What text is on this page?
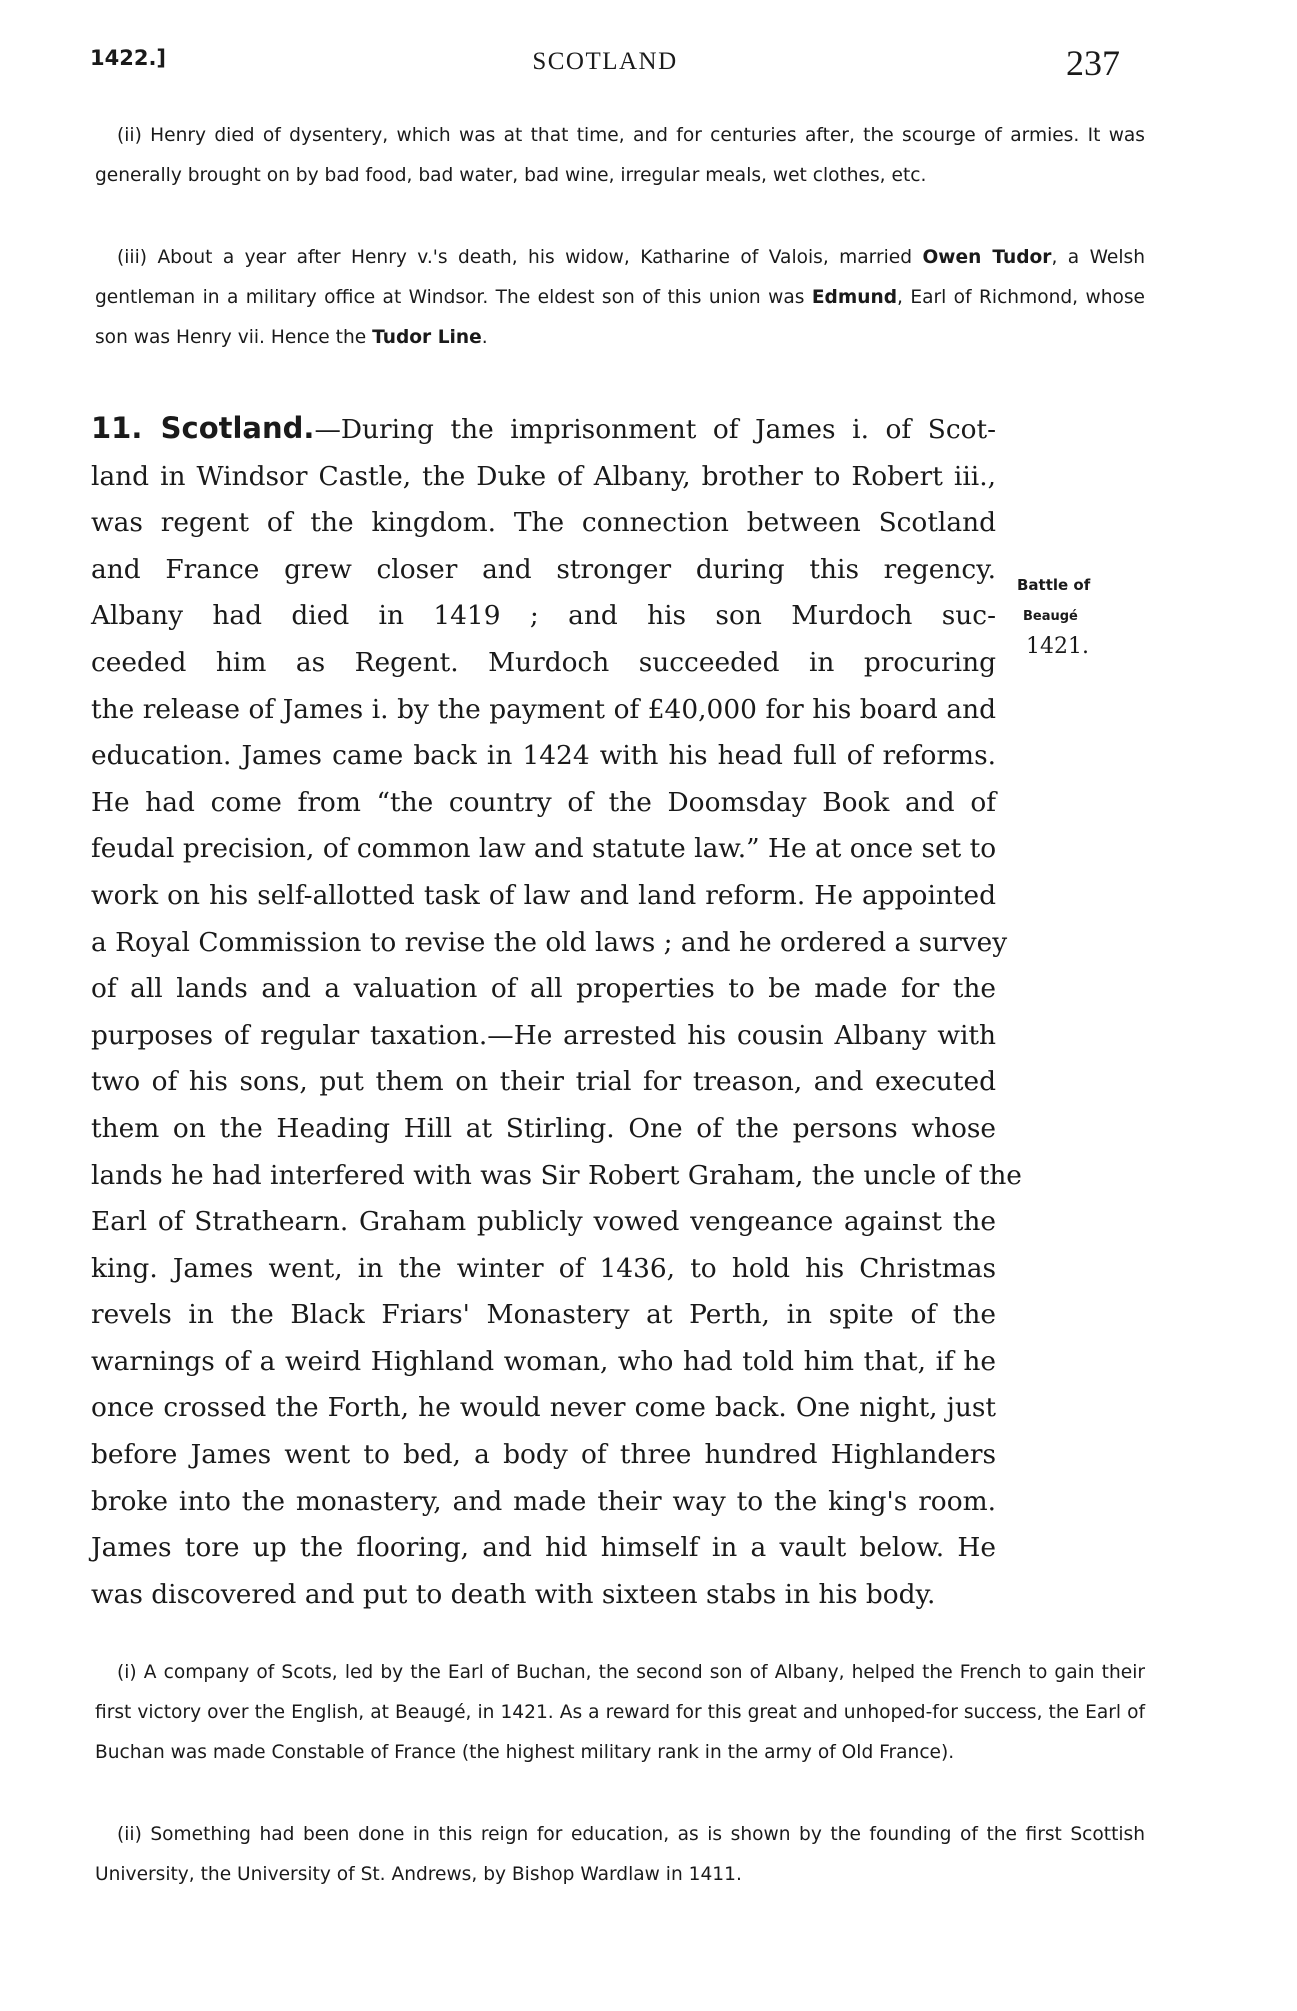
1422.]	SCOTLAND	237
(ii) Henry died of dysentery, which was at that time, and for centuries after, the scourge of armies. It was generally brought on by bad food, bad water, bad wine, irregular meals, wet clothes, etc.
(iii) About a year after Henry v.'s death, his widow, Katharine of Valois, married Owen Tudor, a Welsh gentleman in a military office at Windsor. The eldest son of this union was Edmund, Earl of Richmond, whose son was Henry vii. Hence the Tudor Line.
11. Scotland.—During the imprisonment of James i. of Scot-
land in Windsor Castle, the Duke of Albany, brother to Robert iii.,
was regent of the kingdom. The connection between Scotland
and France grew closer and stronger during this regency.
Albany had died in 1419 ; and his son Murdoch suc-
ceeded him as Regent. Murdoch succeeded in procuring
the release of James i. by the payment of £40,000 for his board and
education. James came back in 1424 with his head full of reforms.
He had come from “the country of the Doomsday Book and of
feudal precision, of common law and statute law.” He at once set to
work on his self-allotted task of law and land reform. He appointed
a Royal Commission to revise the old laws ; and he ordered a survey
of all lands and a valuation of all properties to be made for the
purposes of regular taxation.—He arrested his cousin Albany with
two of his sons, put them on their trial for treason, and executed
them on the Heading Hill at Stirling. One of the persons whose
lands he had interfered with was Sir Robert Graham, the uncle of the
Earl of Strathearn. Graham publicly vowed vengeance against the
king. James went, in the winter of 1436, to hold his Christmas
revels in the Black Friars' Monastery at Perth, in spite of the
warnings of a weird Highland woman, who had told him that, if he
once crossed the Forth, he would never come back. One night, just
before James went to bed, a body of three hundred Highlanders
broke into the monastery, and made their way to the king's room.
James tore up the flooring, and hid himself in a vault below. He
was discovered and put to death with sixteen stabs in his body.
Battle of
Beaugé
1421.
(i) A company of Scots, led by the Earl of Buchan, the second son of Albany, helped the French to gain their first victory over the English, at Beaugé, in 1421. As a reward for this great and unhoped-for success, the Earl of Buchan was made Constable of France (the highest military rank in the army of Old France).
(ii) Something had been done in this reign for education, as is shown by the founding of the first Scottish University, the University of St. Andrews, by Bishop Wardlaw in 1411.
